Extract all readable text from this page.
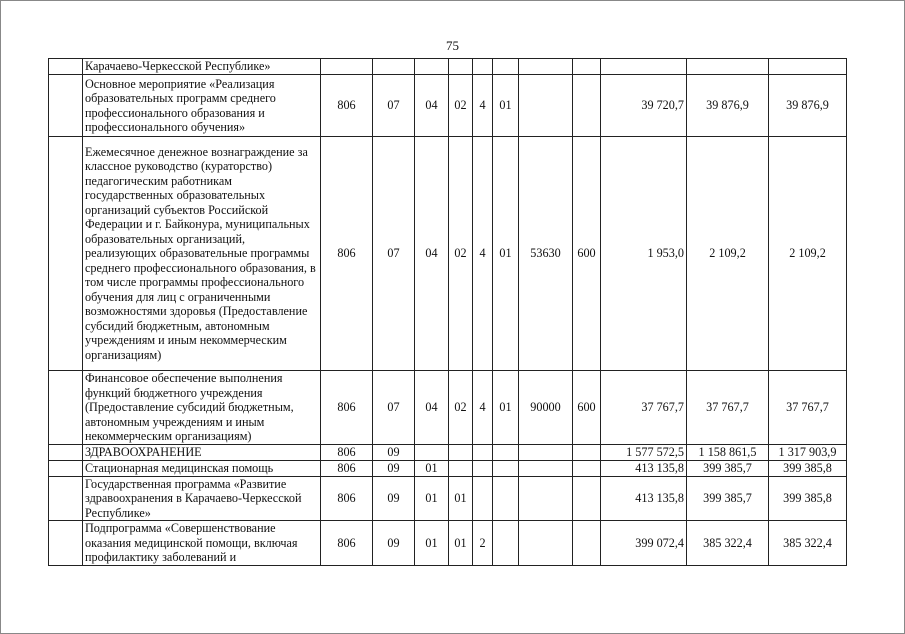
75
	Карачаево-Черкесской Республике»											
	Основное мероприятие «Реализация образовательных программ среднего профессионального образования и профессионального обучения»	806	07	04	02	4	01			39 720,7	39 876,9	39 876,9
	Ежемесячное денежное вознаграждение за классное руководство (кураторство) педагогическим работникам государственных образовательных организаций субъектов Российской Федерации и г. Байконура, муниципальных образовательных организаций, реализующих образовательные программы среднего профессионального образования, в том числе программы профессионального обучения для лиц с ограниченными возможностями здоровья (Предоставление субсидий бюджетным, автономным учреждениям и иным некоммерческим организациям)	806	07	04	02	4	01	53630	600	1 953,0	2 109,2	2 109,2
	Финансовое обеспечение выполнения функций бюджетного учреждения (Предоставление субсидий бюджетным, автономным учреждениям и иным некоммерческим организациям)	806	07	04	02	4	01	90000	600	37 767,7	37 767,7	37 767,7
	ЗДРАВООХРАНЕНИЕ	806	09							1 577 572,5	1 158 861,5	1 317 903,9
	Стационарная медицинская помощь	806	09	01						413 135,8	399 385,7	399 385,8
	Государственная программа «Развитие здравоохранения в Карачаево-Черкесской Республике»	806	09	01	01					413 135,8	399 385,7	399 385,8
	Подпрограмма «Совершенствование оказания медицинской помощи, включая профилактику заболеваний и	806	09	01	01	2				399 072,4	385 322,4	385 322,4
